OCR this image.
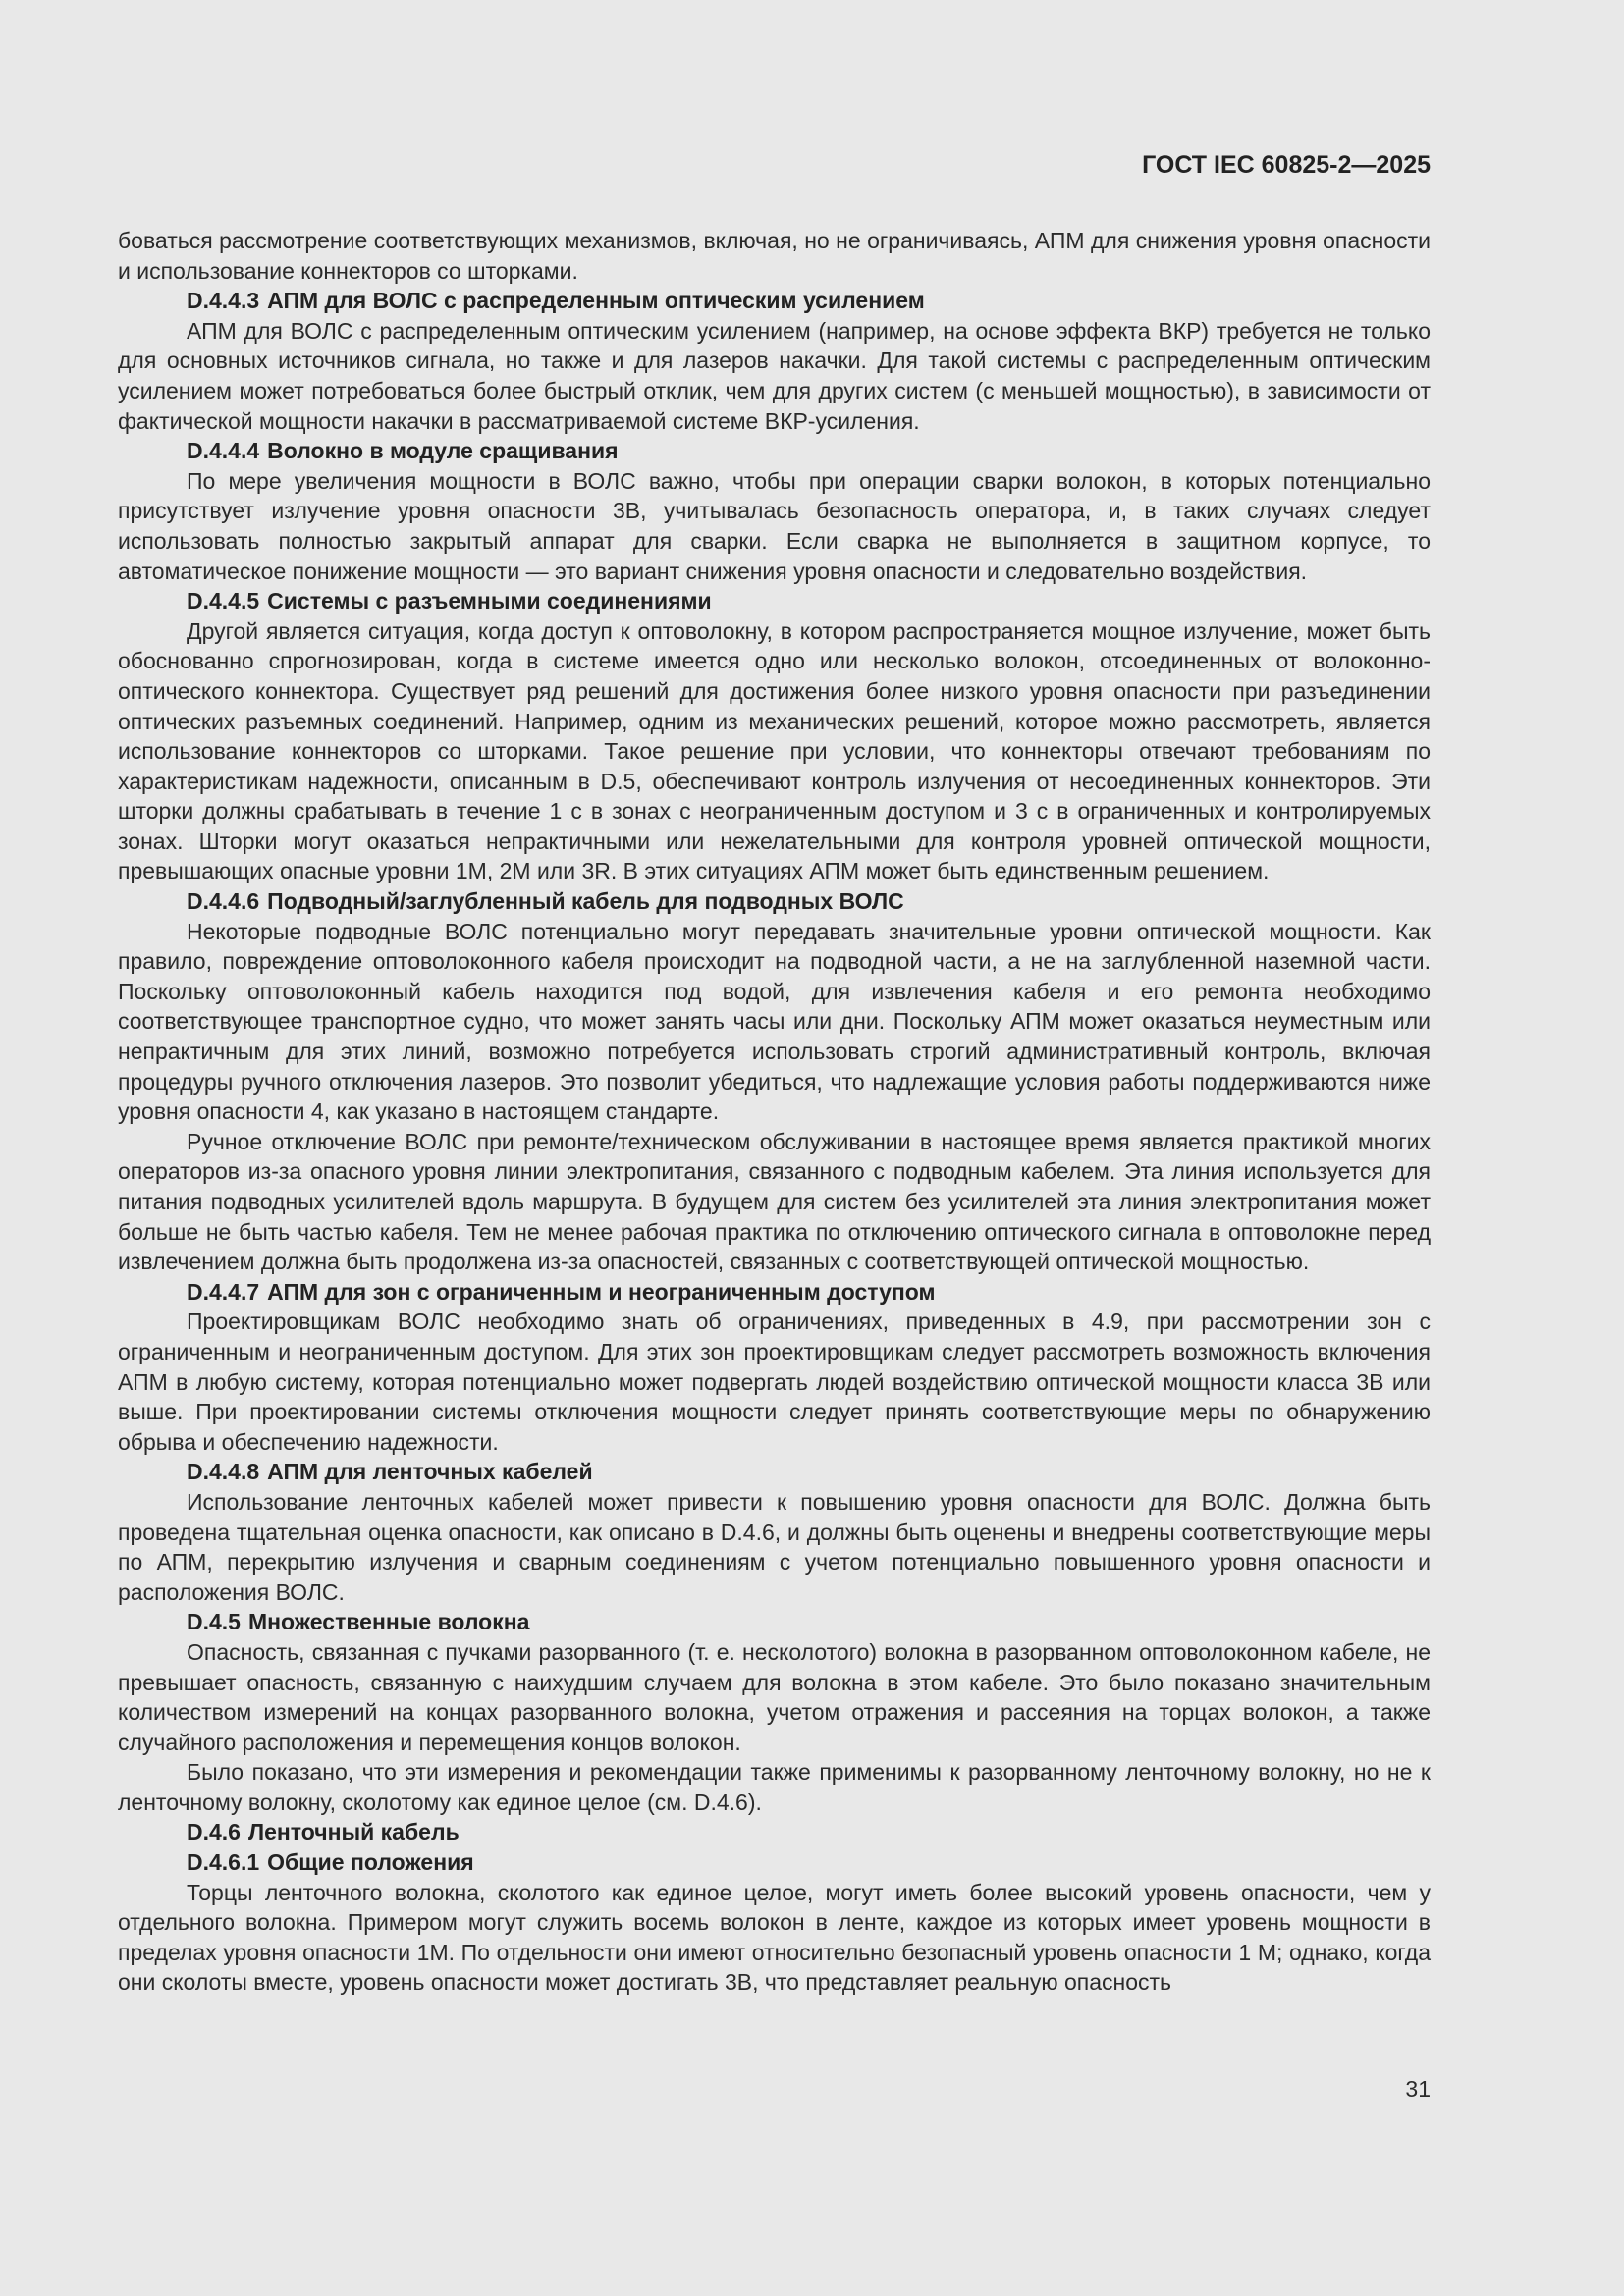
ГОСТ IEC 60825-2—2025

боваться рассмотрение соответствующих механизмов, включая, но не ограничиваясь, АПМ для снижения уровня опасности и использование коннекторов со шторками.

D.4.4.3 АПМ для ВОЛС с распределенным оптическим усилением

АПМ для ВОЛС с распределенным оптическим усилением (например, на основе эффекта ВКР) требуется не только для основных источников сигнала, но также и для лазеров накачки. Для такой системы с распределенным оптическим усилением может потребоваться более быстрый отклик, чем для других систем (с меньшей мощностью), в зависимости от фактической мощности накачки в рассматриваемой системе ВКР-усиления.

D.4.4.4 Волокно в модуле сращивания

По мере увеличения мощности в ВОЛС важно, чтобы при операции сварки волокон, в которых потенциально присутствует излучение уровня опасности 3В, учитывалась безопасность оператора, и, в таких случаях следует использовать полностью закрытый аппарат для сварки. Если сварка не выполняется в защитном корпусе, то автоматическое понижение мощности — это вариант снижения уровня опасности и следовательно воздействия.

D.4.4.5 Системы с разъемными соединениями

Другой является ситуация, когда доступ к оптоволокну, в котором распространяется мощное излучение, может быть обоснованно спрогнозирован, когда в системе имеется одно или несколько волокон, отсоединенных от волоконно-оптического коннектора. Существует ряд решений для достижения более низкого уровня опасности при разъединении оптических разъемных соединений. Например, одним из механических решений, которое можно рассмотреть, является использование коннекторов со шторками. Такое решение при условии, что коннекторы отвечают требованиям по характеристикам надежности, описанным в D.5, обеспечивают контроль излучения от несоединенных коннекторов. Эти шторки должны срабатывать в течение 1 с в зонах с неограниченным доступом и 3 с в ограниченных и контролируемых зонах. Шторки могут оказаться непрактичными или нежелательными для контроля уровней оптической мощности, превышающих опасные уровни 1М, 2М или 3R. В этих ситуациях АПМ может быть единственным решением.

D.4.4.6 Подводный/заглубленный кабель для подводных ВОЛС

Некоторые подводные ВОЛС потенциально могут передавать значительные уровни оптической мощности. Как правило, повреждение оптоволоконного кабеля происходит на подводной части, а не на заглубленной наземной части. Поскольку оптоволоконный кабель находится под водой, для извлечения кабеля и его ремонта необходимо соответствующее транспортное судно, что может занять часы или дни. Поскольку АПМ может оказаться неуместным или непрактичным для этих линий, возможно потребуется использовать строгий административный контроль, включая процедуры ручного отключения лазеров. Это позволит убедиться, что надлежащие условия работы поддерживаются ниже уровня опасности 4, как указано в настоящем стандарте.

Ручное отключение ВОЛС при ремонте/техническом обслуживании в настоящее время является практикой многих операторов из-за опасного уровня линии электропитания, связанного с подводным кабелем. Эта линия используется для питания подводных усилителей вдоль маршрута. В будущем для систем без усилителей эта линия электропитания может больше не быть частью кабеля. Тем не менее рабочая практика по отключению оптического сигнала в оптоволокне перед извлечением должна быть продолжена из-за опасностей, связанных с соответствующей оптической мощностью.

D.4.4.7 АПМ для зон с ограниченным и неограниченным доступом

Проектировщикам ВОЛС необходимо знать об ограничениях, приведенных в 4.9, при рассмотрении зон с ограниченным и неограниченным доступом. Для этих зон проектировщикам следует рассмотреть возможность включения АПМ в любую систему, которая потенциально может подвергать людей воздействию оптической мощности класса 3В или выше. При проектировании системы отключения мощности следует принять соответствующие меры по обнаружению обрыва и обеспечению надежности.

D.4.4.8 АПМ для ленточных кабелей

Использование ленточных кабелей может привести к повышению уровня опасности для ВОЛС. Должна быть проведена тщательная оценка опасности, как описано в D.4.6, и должны быть оценены и внедрены соответствующие меры по АПМ, перекрытию излучения и сварным соединениям с учетом потенциально повышенного уровня опасности и расположения ВОЛС.

D.4.5 Множественные волокна

Опасность, связанная с пучками разорванного (т. е. несколотого) волокна в разорванном оптоволоконном кабеле, не превышает опасность, связанную с наихудшим случаем для волокна в этом кабеле. Это было показано значительным количеством измерений на концах разорванного волокна, учетом отражения и рассеяния на торцах волокон, а также случайного расположения и перемещения концов волокон.

Было показано, что эти измерения и рекомендации также применимы к разорванному ленточному волокну, но не к ленточному волокну, сколотому как единое целое (см. D.4.6).

D.4.6 Ленточный кабель
D.4.6.1 Общие положения

Торцы ленточного волокна, сколотого как единое целое, могут иметь более высокий уровень опасности, чем у отдельного волокна. Примером могут служить восемь волокон в ленте, каждое из которых имеет уровень мощности в пределах уровня опасности 1М. По отдельности они имеют относительно безопасный уровень опасности 1 М; однако, когда они сколоты вместе, уровень опасности может достигать 3В, что представляет реальную опасность

31
